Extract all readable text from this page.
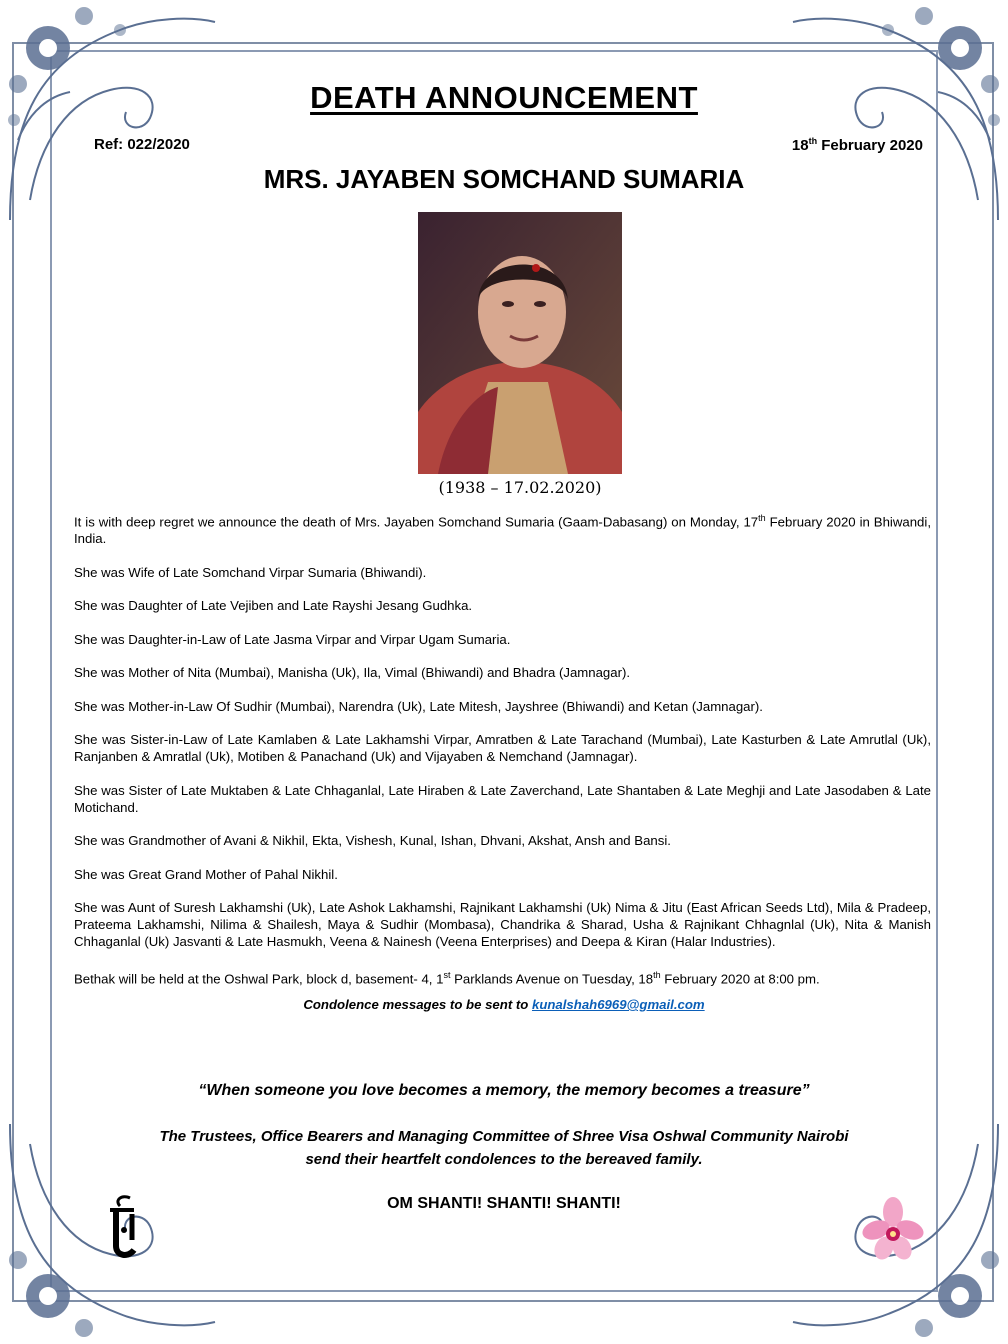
DEATH ANNOUNCEMENT
Ref: 022/2020	18th February 2020
MRS. JAYABEN SOMCHAND SUMARIA
(1938 – 17.02.2020)

It is with deep regret we announce the death of Mrs. Jayaben Somchand Sumaria (Gaam-Dabasang) on Monday, 17th February 2020 in Bhiwandi, India.

She was Wife of Late Somchand Virpar Sumaria (Bhiwandi).

She was Daughter of Late Vejiben and Late Rayshi Jesang Gudhka.

She was Daughter-in-Law of Late Jasma Virpar and Virpar Ugam Sumaria.

She was Mother of Nita (Mumbai), Manisha (Uk), Ila, Vimal (Bhiwandi) and Bhadra (Jamnagar).

She was Mother-in-Law Of Sudhir (Mumbai), Narendra (Uk), Late Mitesh, Jayshree (Bhiwandi) and Ketan (Jamnagar).

She was Sister-in-Law of Late Kamlaben & Late Lakhamshi Virpar, Amratben & Late Tarachand (Mumbai), Late Kasturben & Late Amrutlal (Uk), Ranjanben & Amratlal (Uk), Motiben & Panachand (Uk) and Vijayaben & Nemchand (Jamnagar).

She was Sister of Late Muktaben & Late Chhaganlal, Late Hiraben & Late Zaverchand, Late Shantaben & Late Meghji and Late Jasodaben & Late Motichand.

She was Grandmother of Avani & Nikhil, Ekta, Vishesh, Kunal, Ishan, Dhvani, Akshat, Ansh and Bansi.

She was Great Grand Mother of Pahal Nikhil.

She was Aunt of Suresh Lakhamshi (Uk), Late Ashok Lakhamshi, Rajnikant Lakhamshi (Uk) Nima & Jitu (East African Seeds Ltd), Mila & Pradeep, Prateema Lakhamshi, Nilima & Shailesh, Maya & Sudhir (Mombasa), Chandrika & Sharad, Usha & Rajnikant Chhagnlal (Uk), Nita & Manish Chhaganlal (Uk) Jasvanti & Late Hasmukh, Veena & Nainesh (Veena Enterprises) and Deepa & Kiran (Halar Industries).

Bethak will be held at the Oshwal Park, block d, basement- 4, 1st Parklands Avenue on Tuesday, 18th February 2020 at 8:00 pm.

Condolence messages to be sent to kunalshah6969@gmail.com
“When someone you love becomes a memory, the memory becomes a treasure”
The Trustees, Office Bearers and Managing Committee of Shree Visa Oshwal Community Nairobi
send their heartfelt condolences to the bereaved family.
OM SHANTI! SHANTI! SHANTI!
